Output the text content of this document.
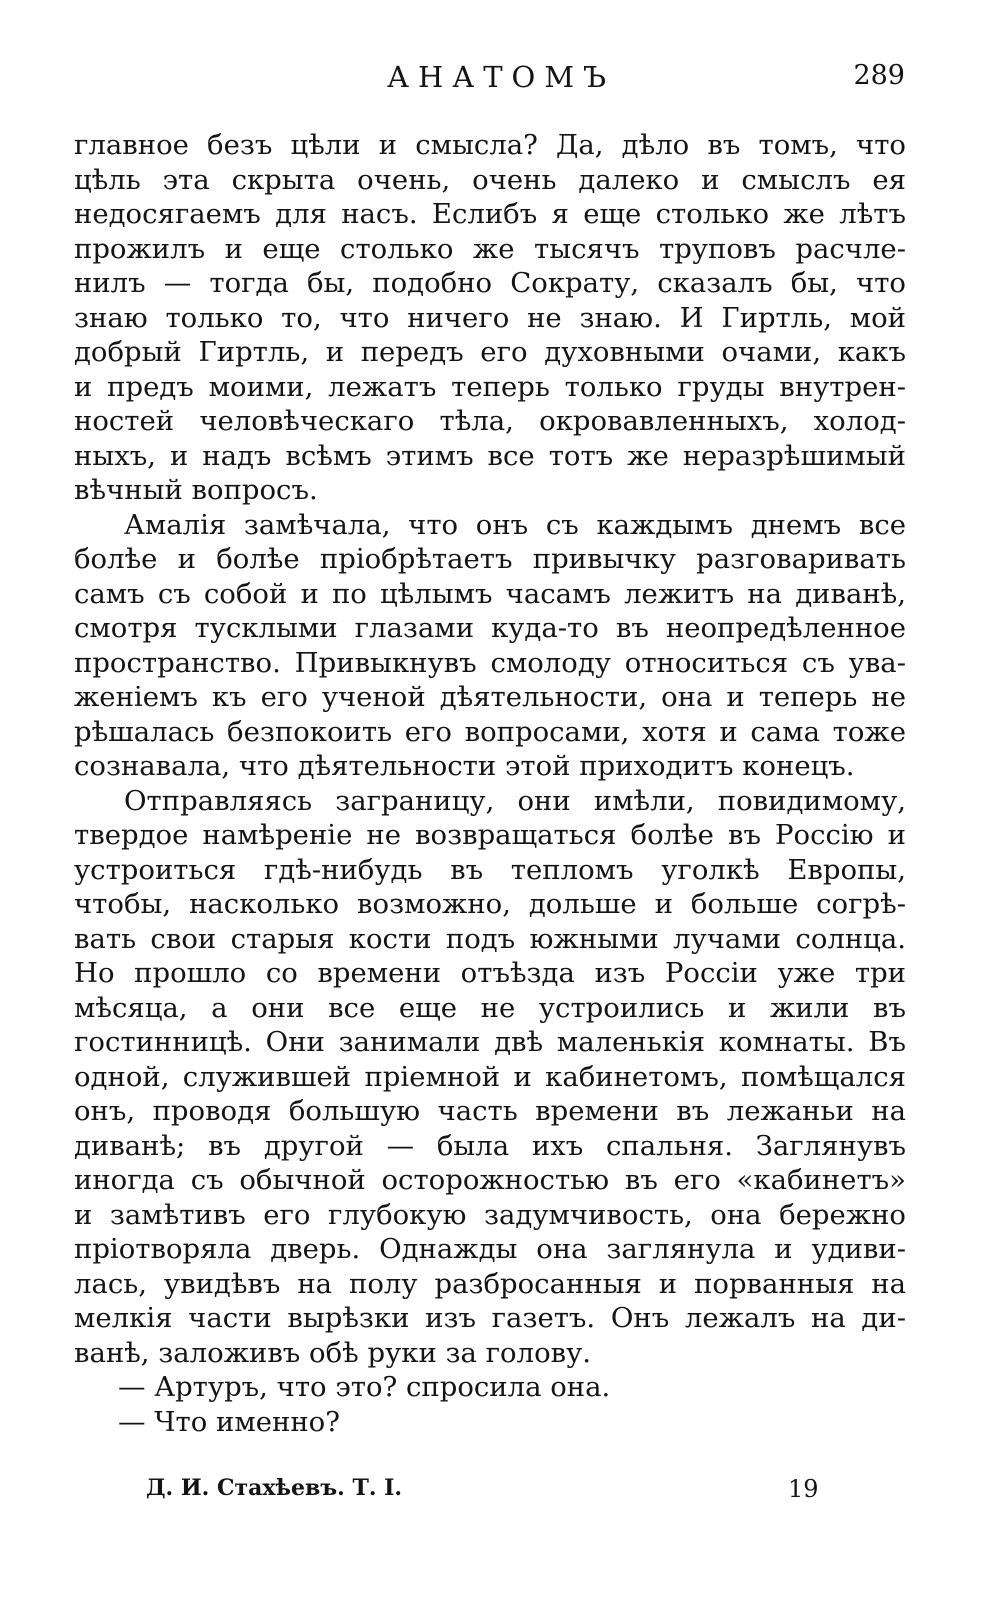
АНАТОМЪ	289
главное безъ цѣли и смысла? Да, дѣло въ томъ, что
цѣль эта скрыта очень, очень далеко и смыслъ ея
недосягаемъ для насъ. Еслибъ я еще столько же лѣтъ
прожилъ и еще столько же тысячъ труповъ расчле-
нилъ — тогда бы, подобно Сократу, сказалъ бы, что
знаю только то, что ничего не знаю. И Гиртль, мой
добрый Гиртль, и передъ его духовными очами, какъ
и предъ моими, лежатъ теперь только груды внутрен-
ностей человѣческаго тѣла, окровавленныхъ, холод-
ныхъ, и надъ всѣмъ этимъ все тотъ же неразрѣшимый
вѣчный вопросъ.
Амалія замѣчала, что онъ съ каждымъ днемъ все
болѣе и болѣе пріобрѣтаетъ привычку разговаривать
самъ съ собой и по цѣлымъ часамъ лежитъ на диванѣ,
смотря тусклыми глазами куда-то въ неопредѣленное
пространство. Привыкнувъ смолоду относиться съ ува-
женіемъ къ его ученой дѣятельности, она и теперь не
рѣшалась безпокоить его вопросами, хотя и сама тоже
сознавала, что дѣятельности этой приходитъ конецъ.
Отправляясь заграницу, они имѣли, повидимому,
твердое намѣреніе не возвращаться болѣе въ Россію и
устроиться гдѣ-нибудь въ тепломъ уголкѣ Европы,
чтобы, насколько возможно, дольше и больше согрѣ-
вать свои старыя кости подъ южными лучами солнца.
Но прошло со времени отъѣзда изъ Россіи уже три
мѣсяца, а они все еще не устроились и жили въ
гостинницѣ. Они занимали двѣ маленькія комнаты. Въ
одной, служившей пріемной и кабинетомъ, помѣщался
онъ, проводя большую часть времени въ лежаньи на
диванѣ; въ другой — была ихъ спальня. Заглянувъ
иногда съ обычной осторожностью въ его «кабинетъ»
и замѣтивъ его глубокую задумчивость, она бережно
пріотворяла дверь. Однажды она заглянула и удиви-
лась, увидѣвъ на полу разбросанныя и порванныя на
мелкія части вырѣзки изъ газетъ. Онъ лежалъ на ди-
ванѣ, заложивъ обѣ руки за голову.
— Артуръ, что это? спросила она.
— Что именно?
Д. И. Стахѣевъ. Т. I.	19
